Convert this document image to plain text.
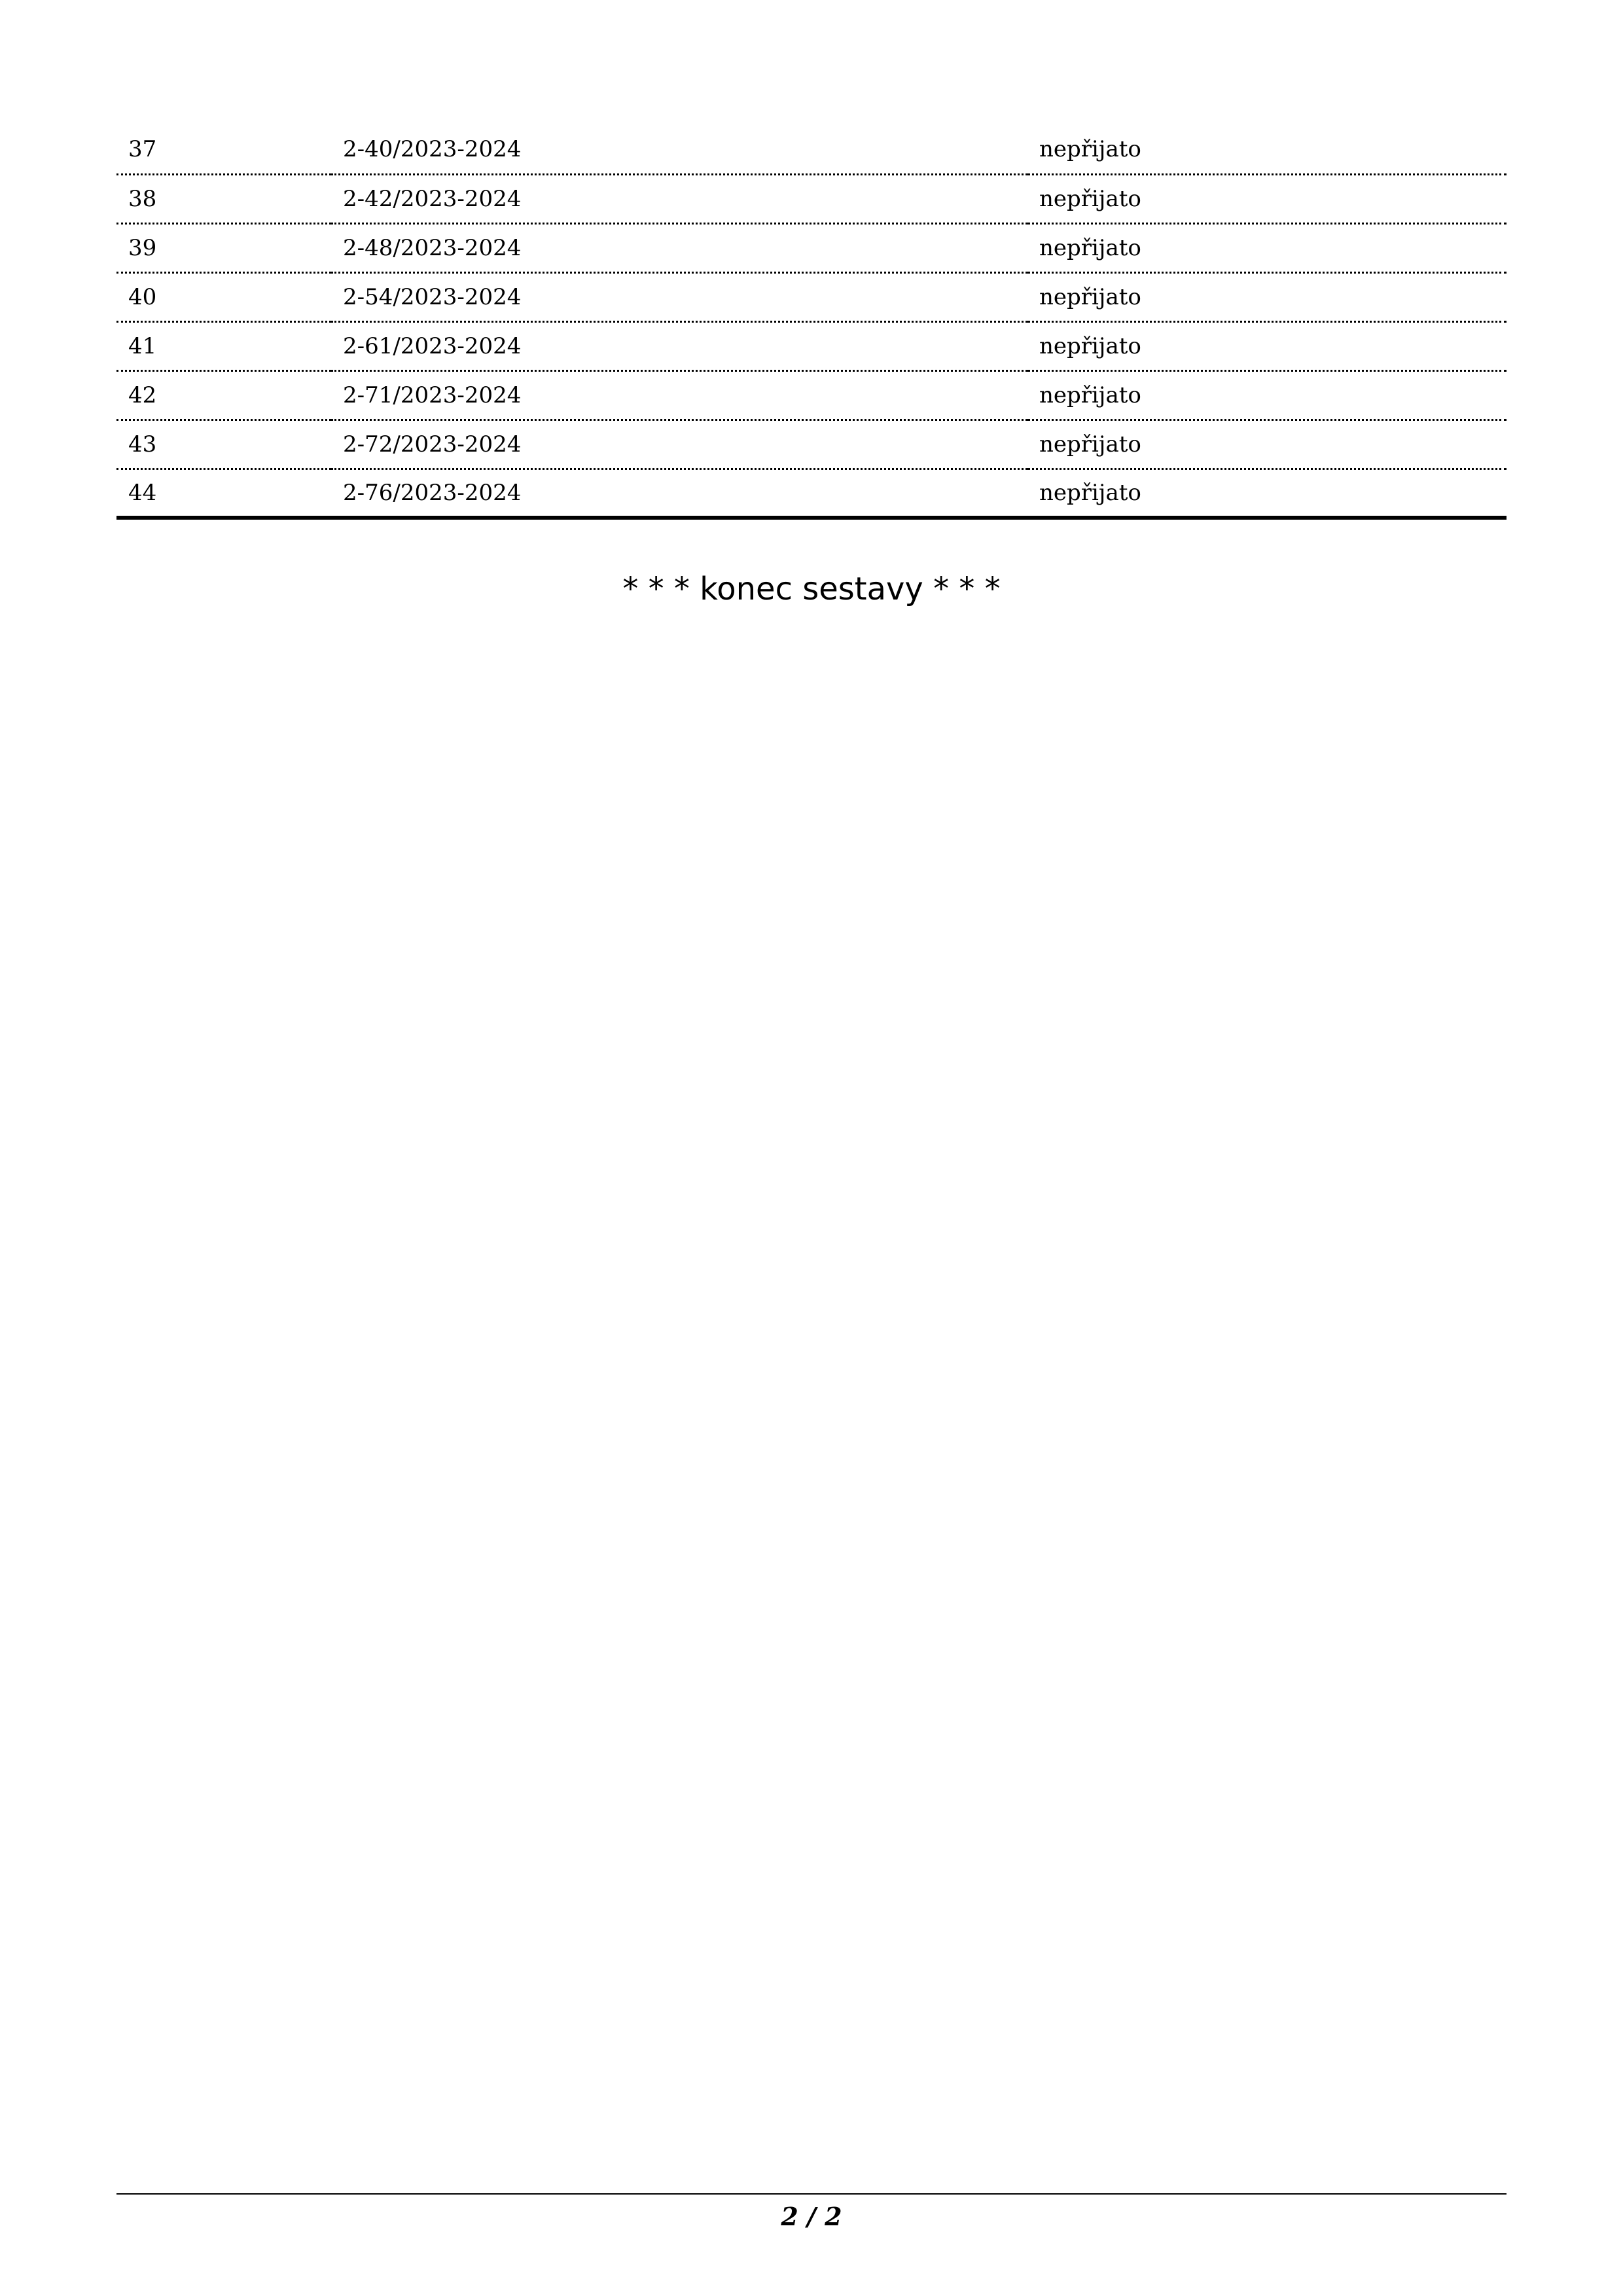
37	2-40/2023-2024	nepřijato
38	2-42/2023-2024	nepřijato
39	2-48/2023-2024	nepřijato
40	2-54/2023-2024	nepřijato
41	2-61/2023-2024	nepřijato
42	2-71/2023-2024	nepřijato
43	2-72/2023-2024	nepřijato
44	2-76/2023-2024	nepřijato
* * * konec sestavy * * *
2 / 2
